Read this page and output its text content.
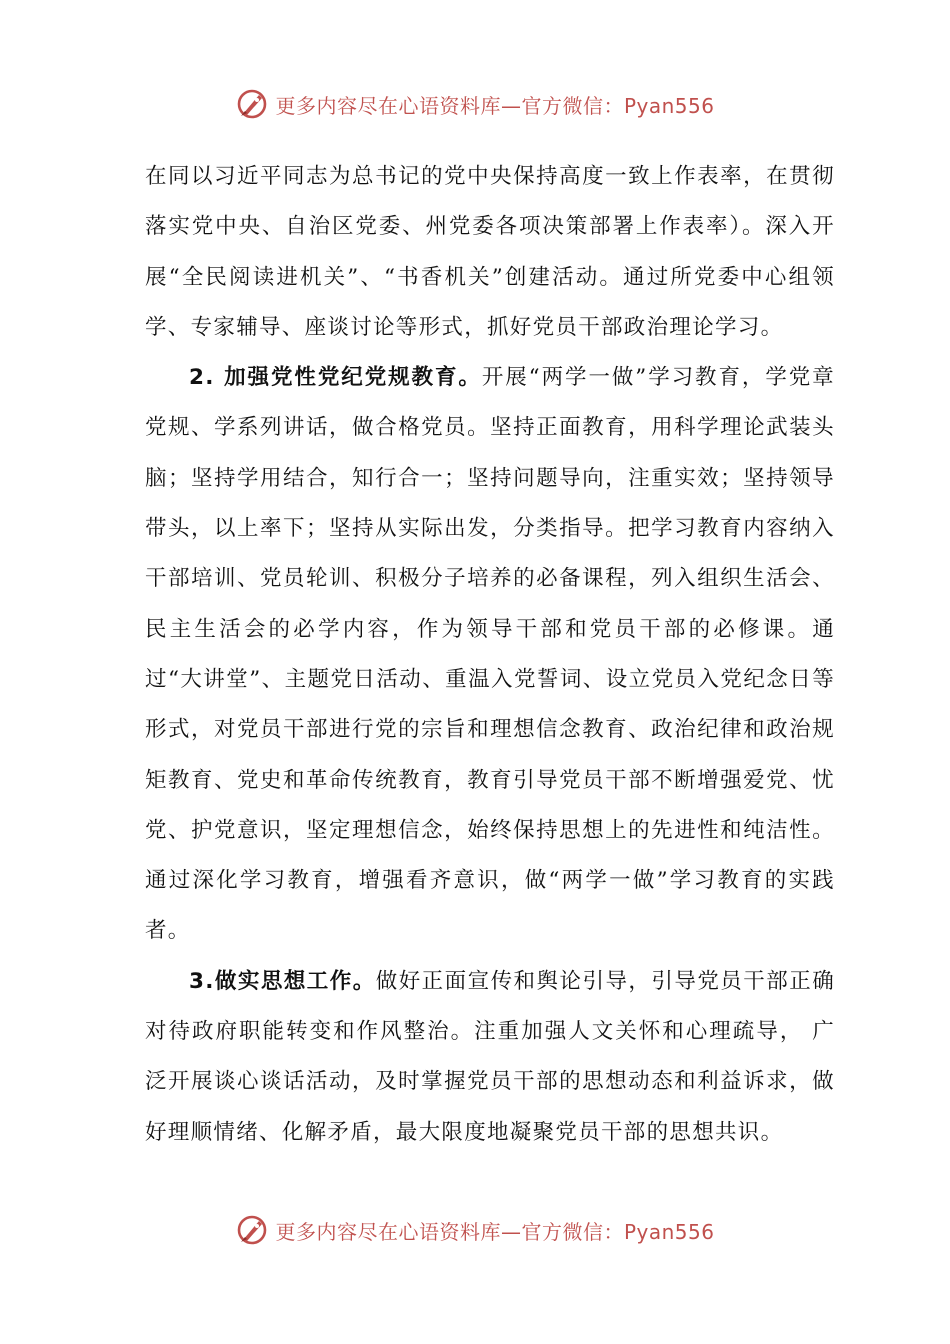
更多内容尽在心语资料库—官方微信：Pyan556

在同以习近平同志为总书记的党中央保持高度一致上作表率，在贯彻落实党中央、自治区党委、州党委各项决策部署上作表率）。深入开展“全民阅读进机关”、“书香机关”创建活动。通过所党委中心组领学、专家辅导、座谈讨论等形式，抓好党员干部政治理论学习。

2. 加强党性党纪党规教育。开展“两学一做”学习教育，学党章党规、学系列讲话，做合格党员。坚持正面教育，用科学理论武装头脑；坚持学用结合，知行合一；坚持问题导向，注重实效；坚持领导带头，以上率下；坚持从实际出发，分类指导。把学习教育内容纳入干部培训、党员轮训、积极分子培养的必备课程，列入组织生活会、民主生活会的必学内容，作为领导干部和党员干部的必修课。通过“大讲堂”、主题党日活动、重温入党誓词、设立党员入党纪念日等形式，对党员干部进行党的宗旨和理想信念教育、政治纪律和政治规矩教育、党史和革命传统教育，教育引导党员干部不断增强爱党、忧党、护党意识，坚定理想信念，始终保持思想上的先进性和纯洁性。通过深化学习教育，增强看齐意识，做“两学一做”学习教育的实践者。

3.做实思想工作。做好正面宣传和舆论引导，引导党员干部正确对待政府职能转变和作风整治。注重加强人文关怀和心理疏导， 广泛开展谈心谈话活动，及时掌握党员干部的思想动态和利益诉求，做好理顺情绪、化解矛盾，最大限度地凝聚党员干部的思想共识。

更多内容尽在心语资料库—官方微信：Pyan556
